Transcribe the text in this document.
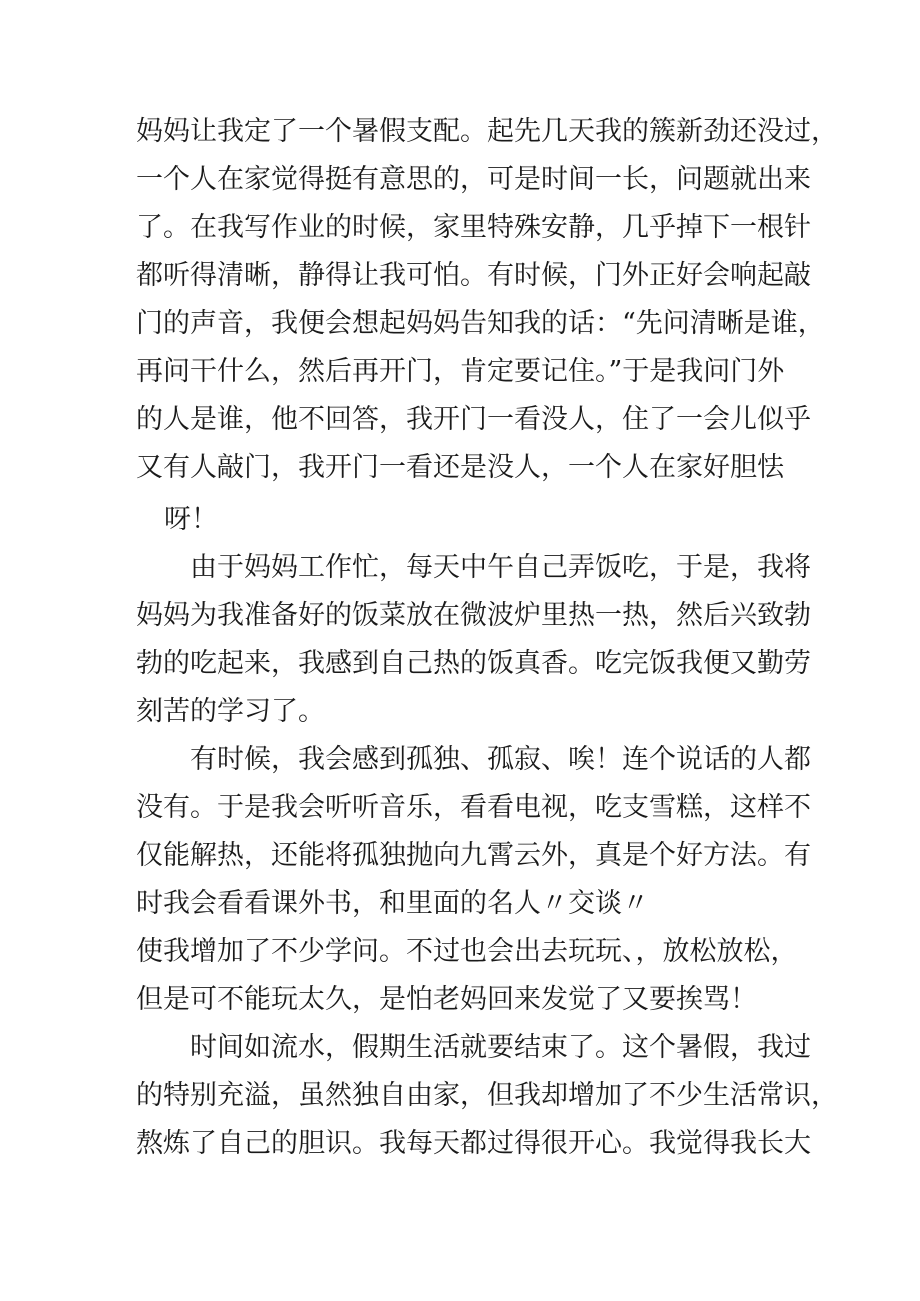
妈妈让我定了一个暑假支配。起先几天我的簇新劲还没过，
一个人在家觉得挺有意思的，可是时间一长，问题就出来
了。在我写作业的时候，家里特殊安静，几乎掉下一根针
都听得清晰，静得让我可怕。有时候，门外正好会响起敲
门的声音，我便会想起妈妈告知我的话：“先问清晰是谁，
再问干什么，然后再开门，肯定要记住。”于是我问门外
的人是谁，他不回答，我开门一看没人，住了一会儿似乎
又有人敲门，我开门一看还是没人，一个人在家好胆怯
呀！
由于妈妈工作忙，每天中午自己弄饭吃，于是，我将
妈妈为我准备好的饭菜放在微波炉里热一热，然后兴致勃
勃的吃起来，我感到自己热的饭真香。吃完饭我便又勤劳
刻苦的学习了。
有时候，我会感到孤独、孤寂、唉！连个说话的人都
没有。于是我会听听音乐，看看电视，吃支雪糕，这样不
仅能解热，还能将孤独抛向九霄云外，真是个好方法。有
时我会看看课外书，和里面的名人〃交谈〃
使我增加了不少学问。不过也会出去玩玩、，放松放松，
但是可不能玩太久，是怕老妈回来发觉了又要挨骂！
时间如流水，假期生活就要结束了。这个暑假，我过
的特别充溢，虽然独自由家，但我却增加了不少生活常识，
熬炼了自己的胆识。我每天都过得很开心。我觉得我长大
